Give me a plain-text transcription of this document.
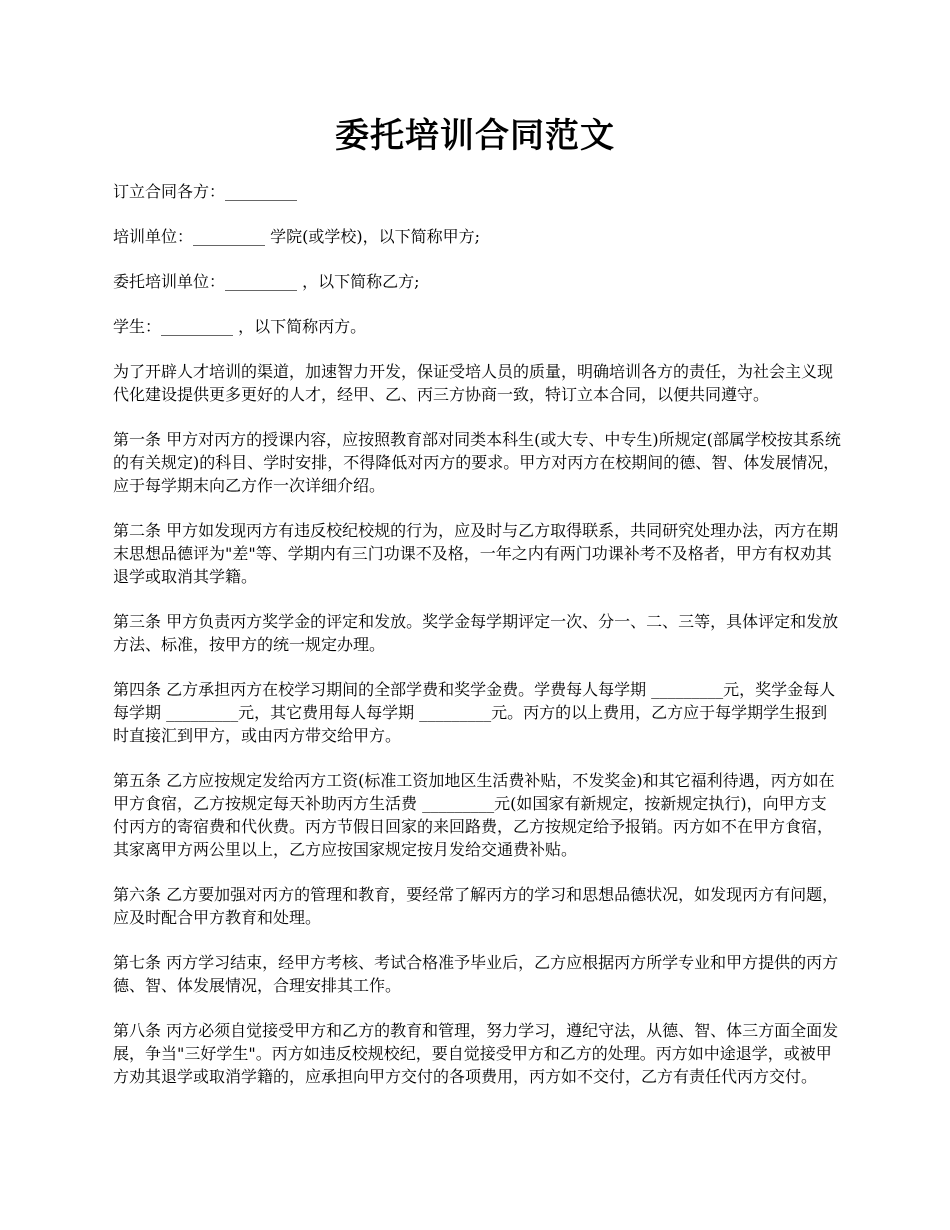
委托培训合同范文

订立合同各方：_________

培训单位：_________ 学院(或学校)，以下简称甲方;

委托培训单位：_________ ，以下简称乙方;

学生：_________ ，以下简称丙方。

为了开辟人才培训的渠道，加速智力开发，保证受培人员的质量，明确培训各方的责任，为社会主义现代化建设提供更多更好的人才，经甲、乙、丙三方协商一致，特订立本合同，以便共同遵守。

第一条 甲方对丙方的授课内容，应按照教育部对同类本科生(或大专、中专生)所规定(部属学校按其系统的有关规定)的科目、学时安排，不得降低对丙方的要求。甲方对丙方在校期间的德、智、体发展情况，应于每学期末向乙方作一次详细介绍。

第二条 甲方如发现丙方有违反校纪校规的行为，应及时与乙方取得联系，共同研究处理办法，丙方在期末思想品德评为"差"等、学期内有三门功课不及格，一年之内有两门功课补考不及格者，甲方有权劝其退学或取消其学籍。

第三条 甲方负责丙方奖学金的评定和发放。奖学金每学期评定一次、分一、二、三等，具体评定和发放方法、标准，按甲方的统一规定办理。

第四条 乙方承担丙方在校学习期间的全部学费和奖学金费。学费每人每学期 _________元，奖学金每人每学期 _________元，其它费用每人每学期 _________元。丙方的以上费用，乙方应于每学期学生报到时直接汇到甲方，或由丙方带交给甲方。

第五条 乙方应按规定发给丙方工资(标准工资加地区生活费补贴，不发奖金)和其它福利待遇，丙方如在甲方食宿，乙方按规定每天补助丙方生活费 _________元(如国家有新规定，按新规定执行)，向甲方支付丙方的寄宿费和代伙费。丙方节假日回家的来回路费，乙方按规定给予报销。丙方如不在甲方食宿，其家离甲方两公里以上，乙方应按国家规定按月发给交通费补贴。

第六条 乙方要加强对丙方的管理和教育，要经常了解丙方的学习和思想品德状况，如发现丙方有问题，应及时配合甲方教育和处理。

第七条 丙方学习结束，经甲方考核、考试合格准予毕业后，乙方应根据丙方所学专业和甲方提供的丙方德、智、体发展情况，合理安排其工作。

第八条 丙方必须自觉接受甲方和乙方的教育和管理，努力学习，遵纪守法，从德、智、体三方面全面发展，争当"三好学生"。丙方如违反校规校纪，要自觉接受甲方和乙方的处理。丙方如中途退学，或被甲方劝其退学或取消学籍的，应承担向甲方交付的各项费用，丙方如不交付，乙方有责任代丙方交付。
